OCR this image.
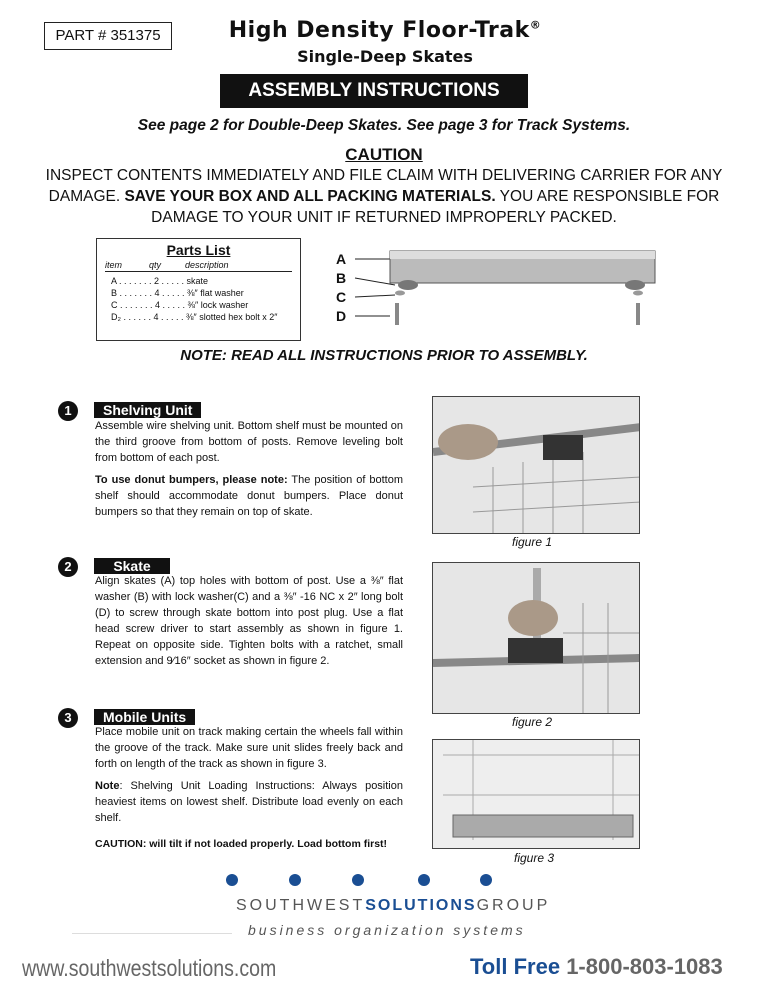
PART # 351375	High Density Floor-Trak®
Single-Deep Skates
ASSEMBLY INSTRUCTIONS
See page 2 for Double-Deep Skates. See page 3 for Track Systems.
CAUTION
INSPECT CONTENTS IMMEDIATELY AND FILE CLAIM WITH DELIVERING CARRIER FOR ANY DAMAGE. SAVE YOUR BOX AND ALL PACKING MATERIALS. YOU ARE RESPONSIBLE FOR DAMAGE TO YOUR UNIT IF RETURNED IMPROPERLY PACKED.
Parts List
item	qty	description
A . . . . . . . 2 . . . . . skate
B . . . . . . . 4 . . . . . ⅜″ flat washer
C . . . . . . . 4 . . . . . ⅜″ lock washer
D₂ . . . . . . 4 . . . . . ⅜″ slotted hex bolt x 2″
A
B
C
D
NOTE: READ ALL INSTRUCTIONS PRIOR TO ASSEMBLY.
1	Shelving Unit

Assemble wire shelving unit. Bottom shelf must be mounted on the third groove from bottom of posts. Remove leveling bolt from bottom of each post.

To use donut bumpers, please note: The position of bottom shelf should accommodate donut bumpers. Place donut bumpers so that they remain on top of skate.

2	Skate
Align skates (A) top holes with bottom of post. Use a ⅜″ flat washer (B) with lock washer(C) and a ⅜″ -16 NC x 2″ long bolt (D) to screw through skate bottom into post plug. Use a flat head screw driver to start assembly as shown in figure 1. Repeat on opposite side. Tighten bolts with a ratchet, small extension and 9⁄16″ socket as shown in figure 2.
3	Mobile Units

Place mobile unit on track making certain the wheels fall within the groove of the track. Make sure unit slides freely back and forth on length of the track as shown in figure 3.

Note: Shelving Unit Loading Instructions: Always position heaviest items on lowest shelf. Distribute load evenly on each shelf.

CAUTION: will tilt if not loaded properly. Load bottom first!

figure 1
figure 2
figure 3
SOUTHWESTSOLUTIONSGROUP
business organization systems
www.southwestsolutions.com	Toll Free 1-800-803-1083
